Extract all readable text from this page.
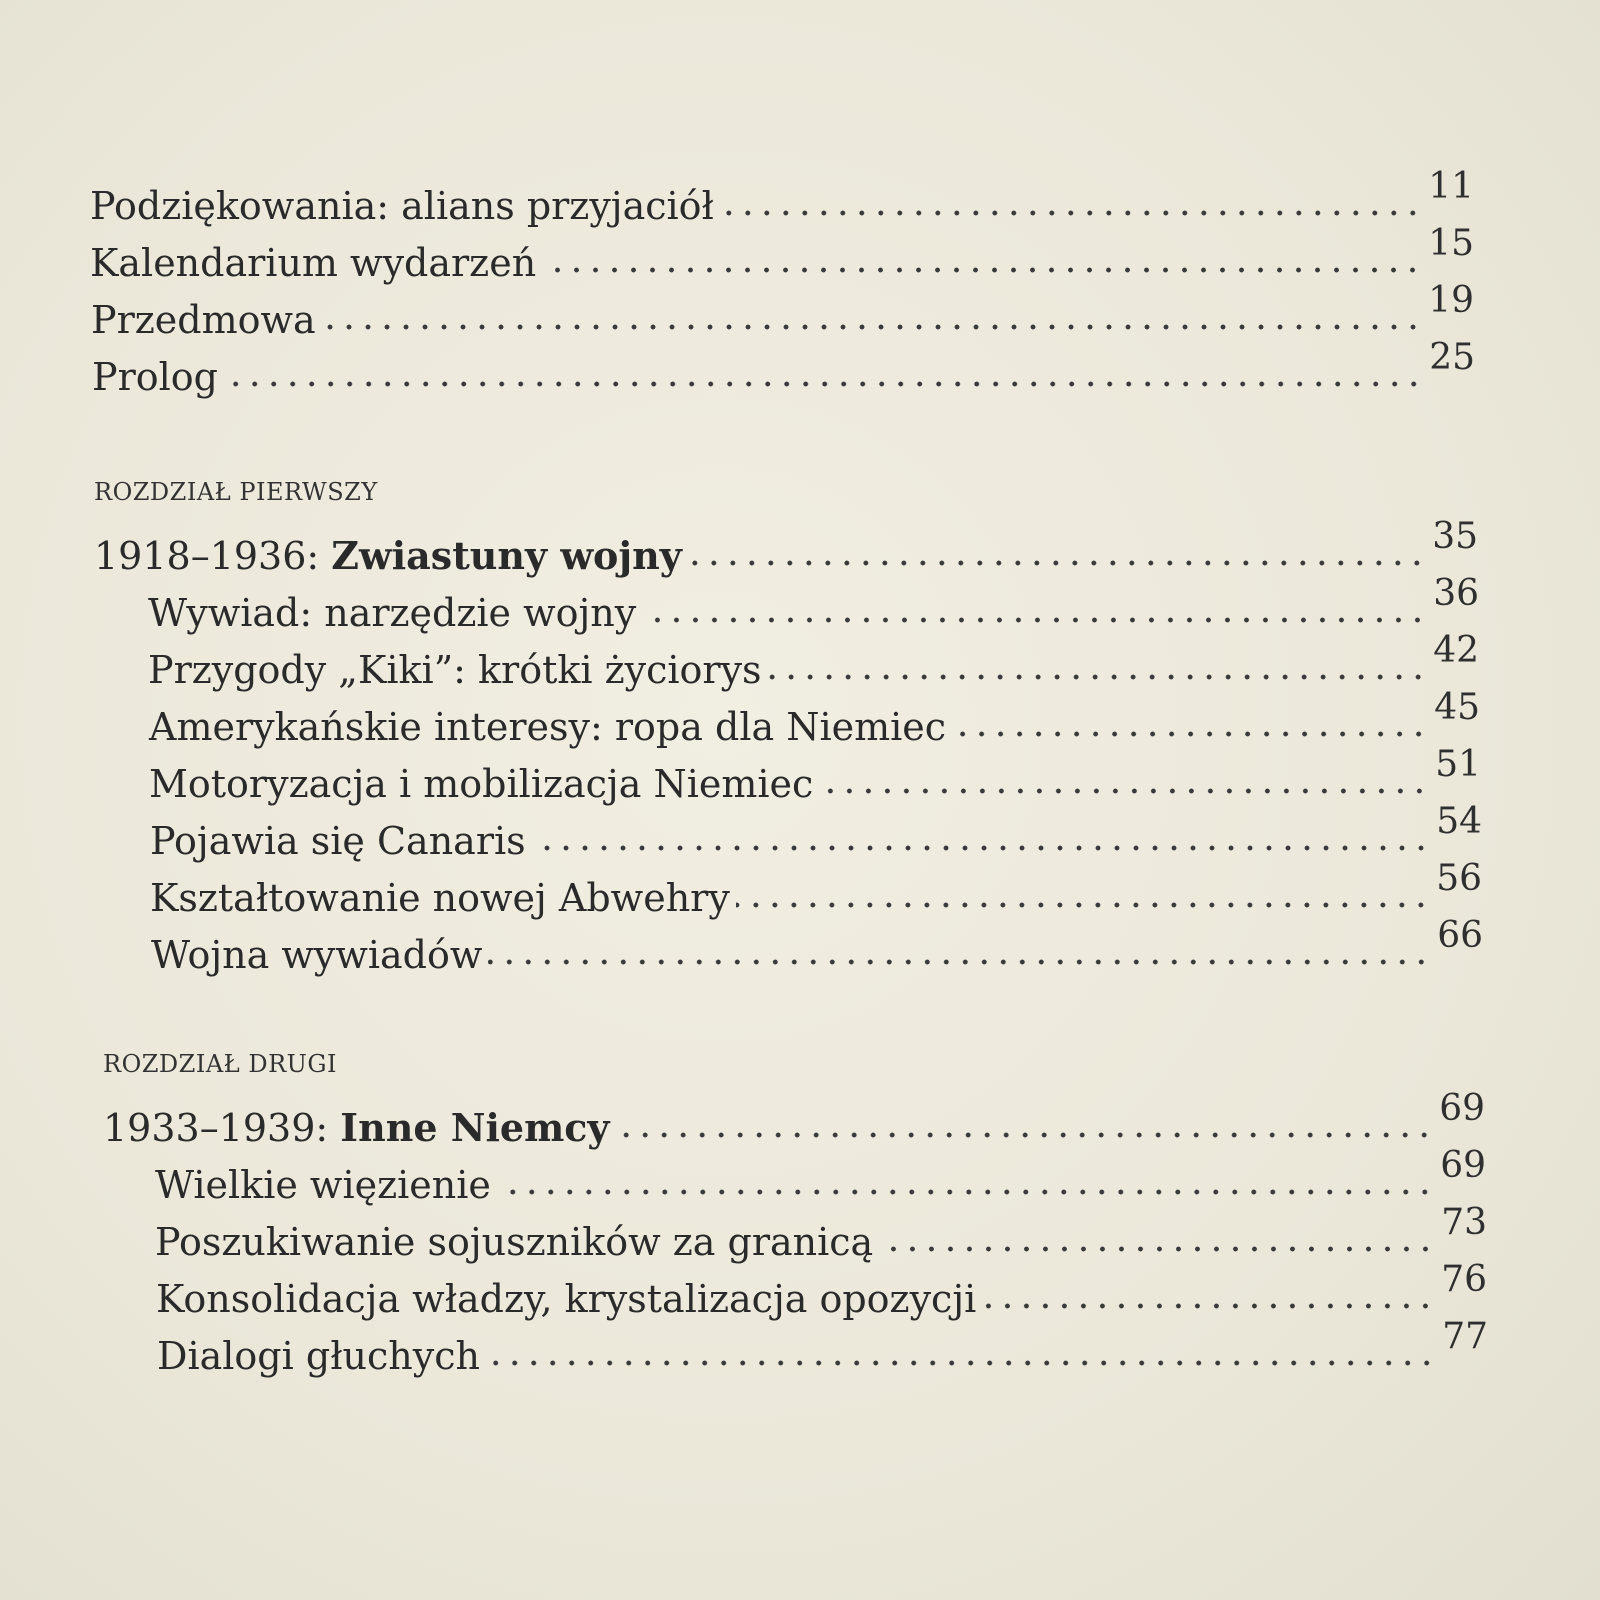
Podziękowania: alians przyjaciół	11
Kalendarium wydarzeń	15
Przedmowa	19
Prolog	25
ROZDZIAŁ PIERWSZY
1918–1936: Zwiastuny wojny	35
Wywiad: narzędzie wojny	36
Przygody „Kiki”: krótki życiorys	42
Amerykańskie interesy: ropa dla Niemiec	45
Motoryzacja i mobilizacja Niemiec	51
Pojawia się Canaris	54
Kształtowanie nowej Abwehry	56
Wojna wywiadów	66
ROZDZIAŁ DRUGI
1933–1939: Inne Niemcy	69
Wielkie więzienie	69
Poszukiwanie sojuszników za granicą	73
Konsolidacja władzy, krystalizacja opozycji	76
Dialogi głuchych	77
